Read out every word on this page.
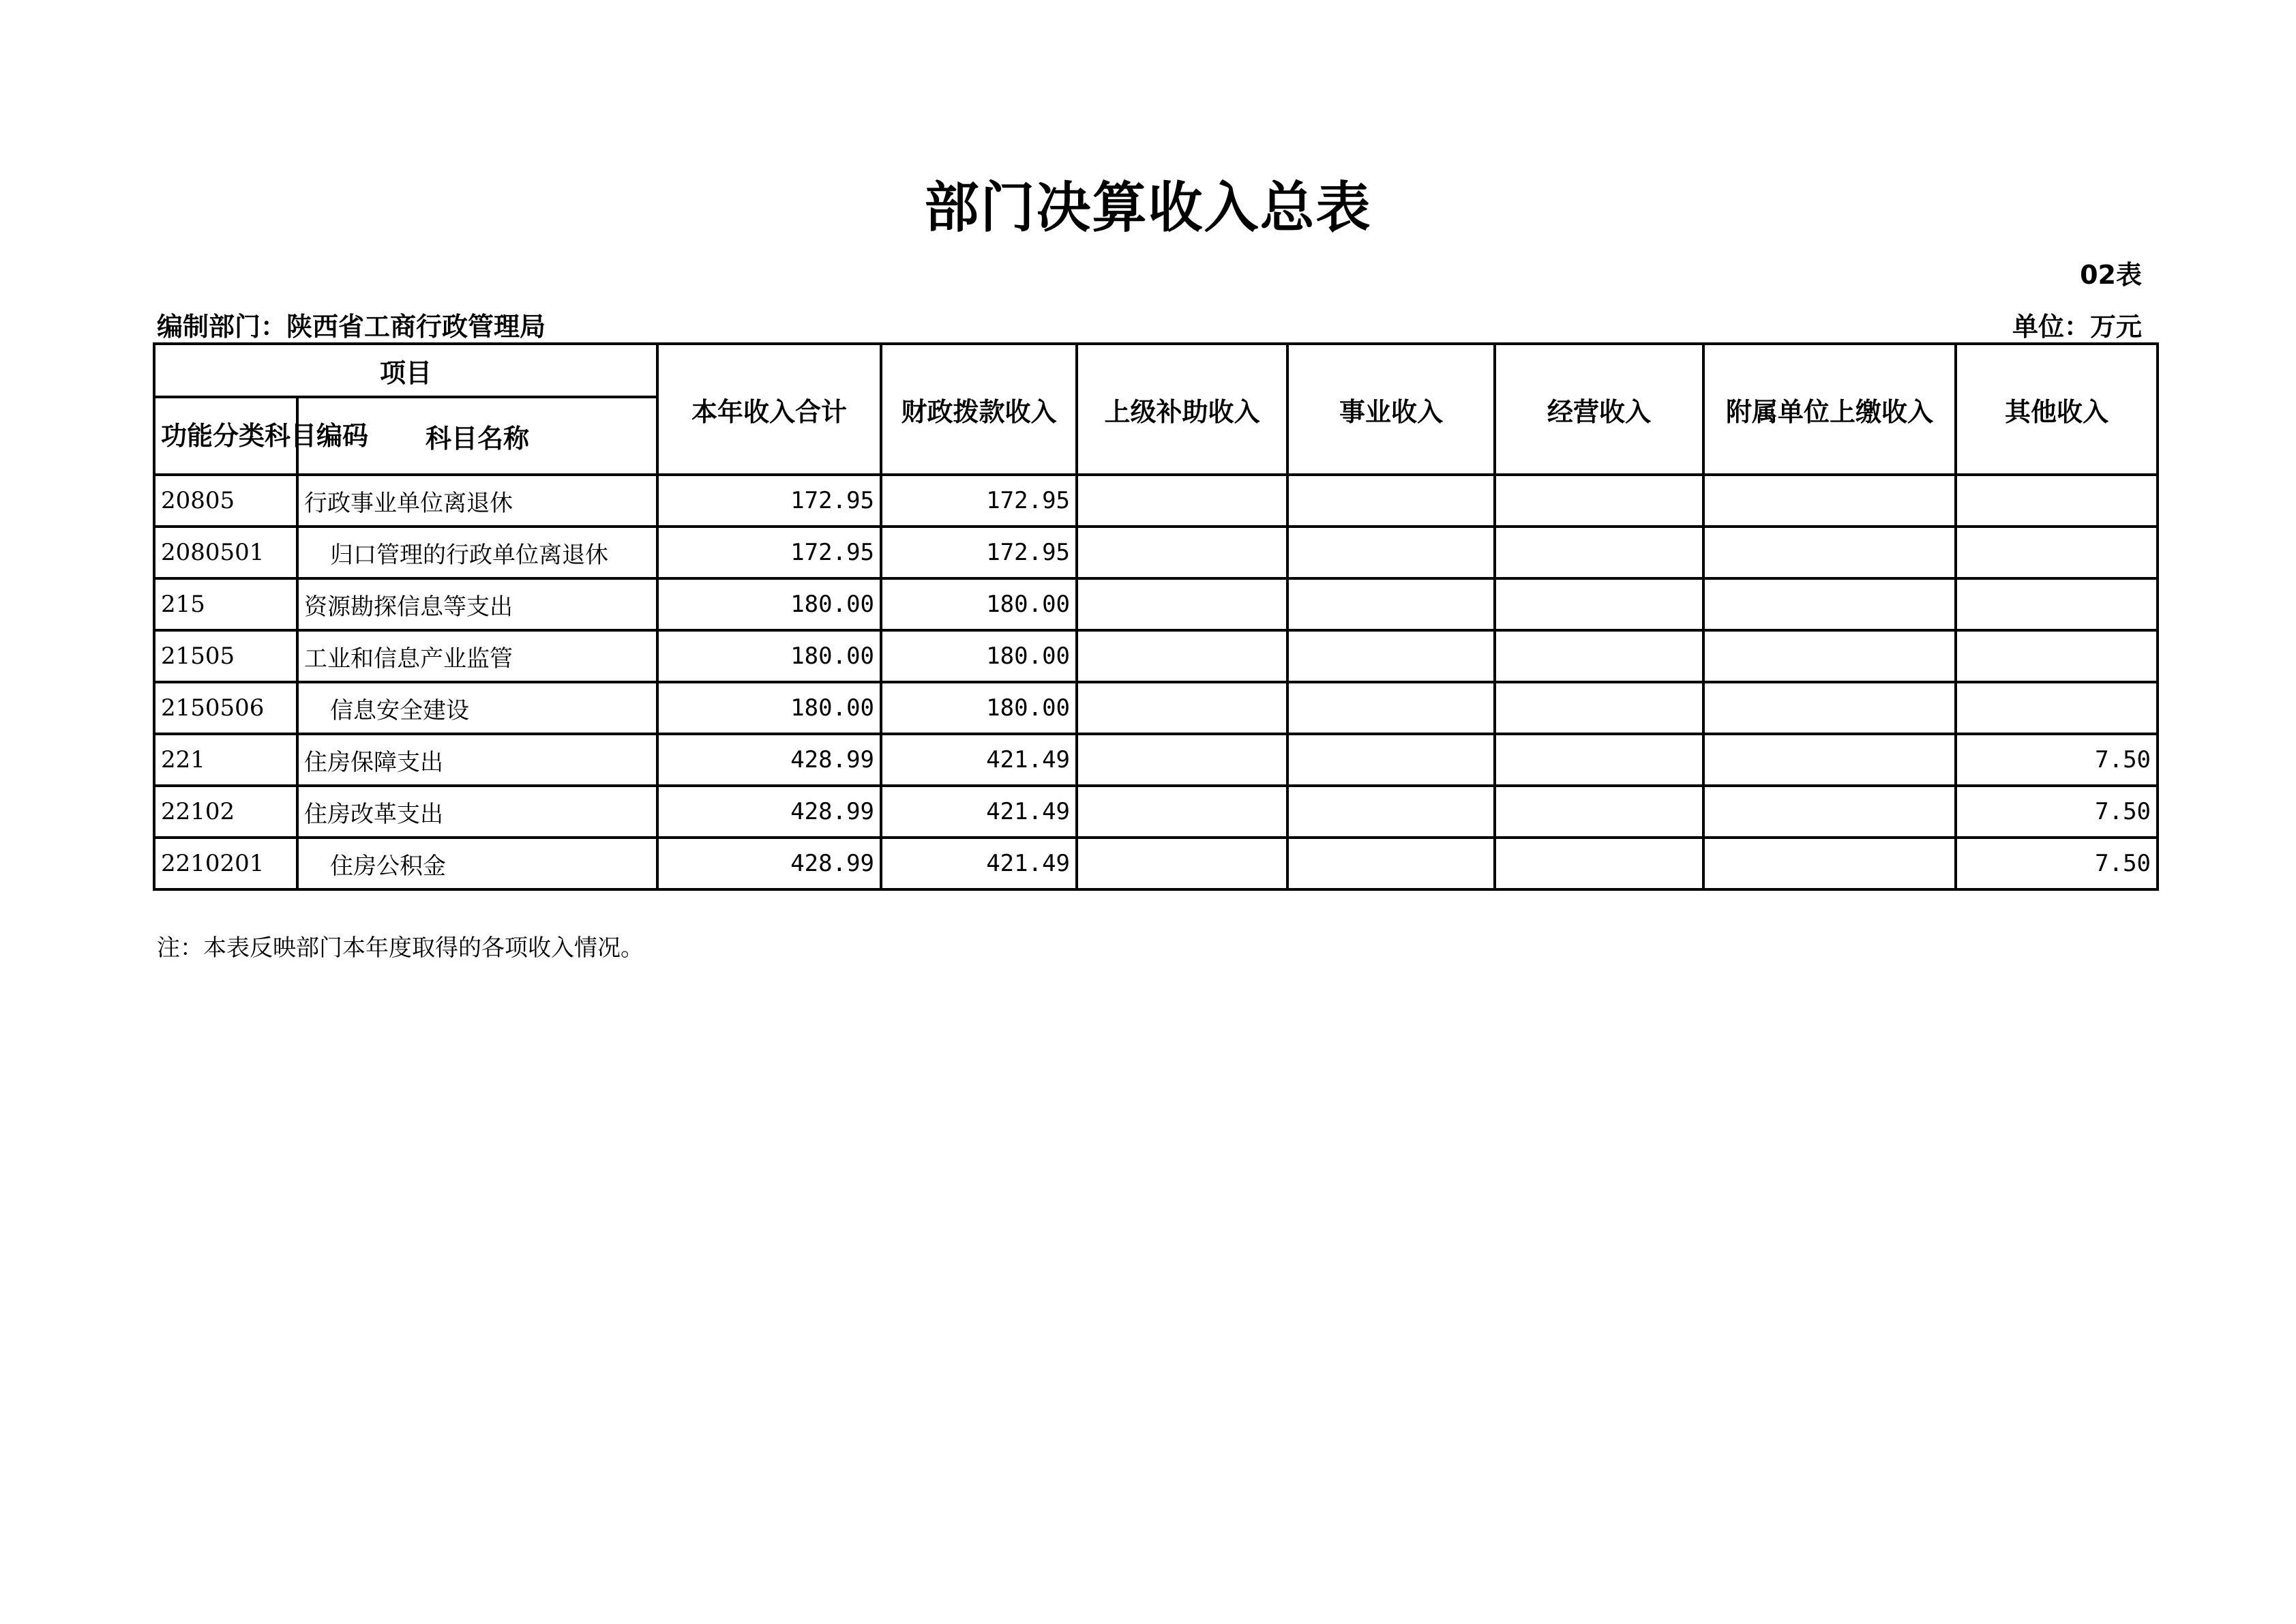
部门决算收入总表
02表
编制部门：陕西省工商行政管理局	单位：万元
项目		本年收入合计	财政拨款收入	上级补助收入	事业收入	经营收入	附属单位上缴收入	其他收入
功能分类科目编码	科目名称							
20805	行政事业单位离退休	172.95	172.95					
2080501	归口管理的行政单位离退休	172.95	172.95					
215	资源勘探信息等支出	180.00	180.00					
21505	工业和信息产业监管	180.00	180.00					
2150506	信息安全建设	180.00	180.00					
221	住房保障支出	428.99	421.49					7.50
22102	住房改革支出	428.99	421.49					7.50
2210201	住房公积金	428.99	421.49					7.50
注：本表反映部门本年度取得的各项收入情况。
